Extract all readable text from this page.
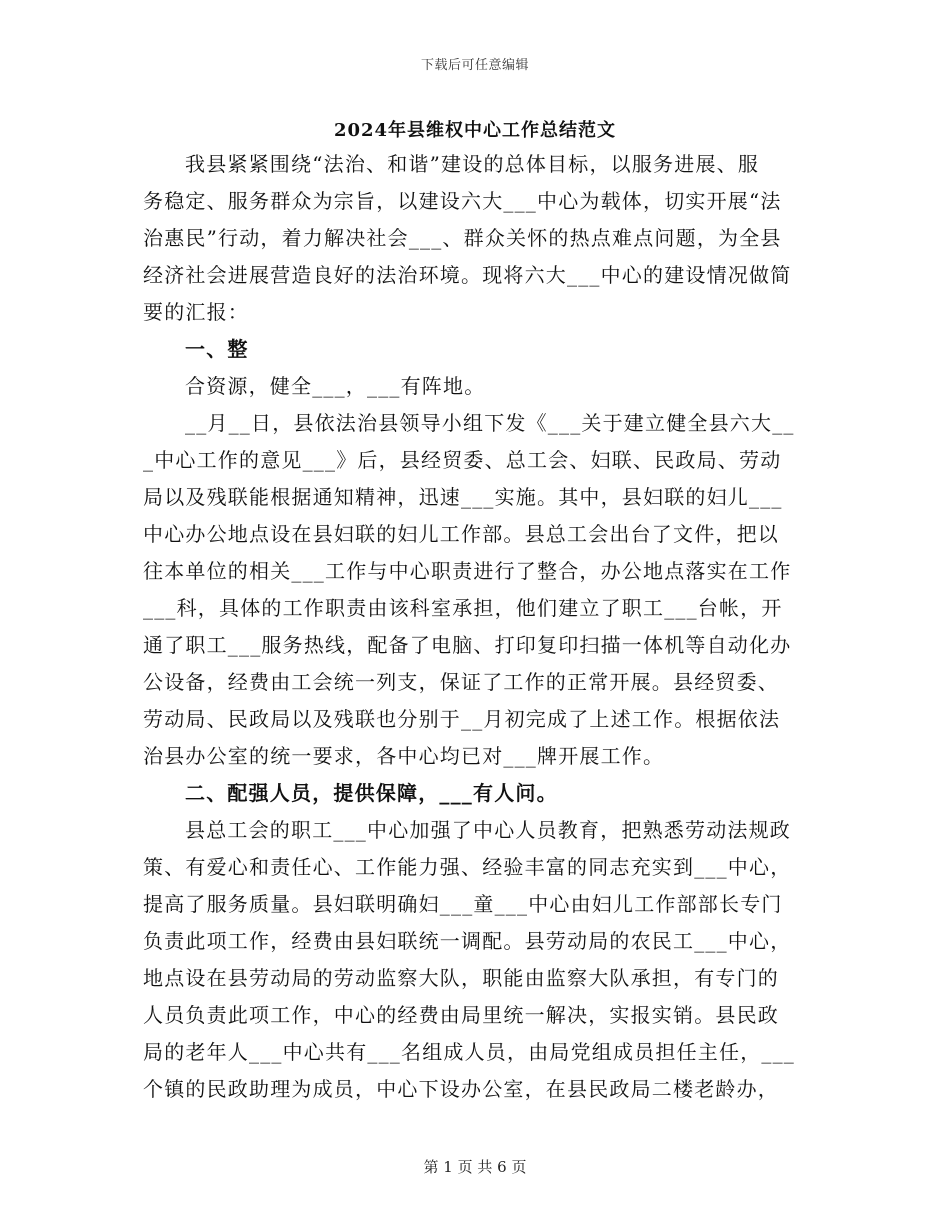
下载后可任意编辑
2024年县维权中心工作总结范文
我县紧紧围绕“法治、和谐”建设的总体目标，以服务进展、服
务稳定、服务群众为宗旨，以建设六大___中心为载体，切实开展“法
治惠民”行动，着力解决社会___、群众关怀的热点难点问题，为全县
经济社会进展营造良好的法治环境。现将六大___中心的建设情况做简
要的汇报：
一、整
合资源，健全___，___有阵地。
__月__日，县依法治县领导小组下发《___关于建立健全县六大__
_中心工作的意见___》后，县经贸委、总工会、妇联、民政局、劳动
局以及残联能根据通知精神，迅速___实施。其中，县妇联的妇儿___
中心办公地点设在县妇联的妇儿工作部。县总工会出台了文件，把以
往本单位的相关___工作与中心职责进行了整合，办公地点落实在工作
___科，具体的工作职责由该科室承担，他们建立了职工___台帐，开
通了职工___服务热线，配备了电脑、打印复印扫描一体机等自动化办
公设备，经费由工会统一列支，保证了工作的正常开展。县经贸委、
劳动局、民政局以及残联也分别于__月初完成了上述工作。根据依法
治县办公室的统一要求，各中心均已对___牌开展工作。
二、配强人员，提供保障，___有人问。
县总工会的职工___中心加强了中心人员教育，把熟悉劳动法规政
策、有爱心和责任心、工作能力强、经验丰富的同志充实到___中心，
提高了服务质量。县妇联明确妇___童___中心由妇儿工作部部长专门
负责此项工作，经费由县妇联统一调配。县劳动局的农民工___中心，
地点设在县劳动局的劳动监察大队，职能由监察大队承担，有专门的
人员负责此项工作，中心的经费由局里统一解决，实报实销。县民政
局的老年人___中心共有___名组成人员，由局党组成员担任主任，___
个镇的民政助理为成员，中心下设办公室，在县民政局二楼老龄办，
第 1 页 共 6 页
